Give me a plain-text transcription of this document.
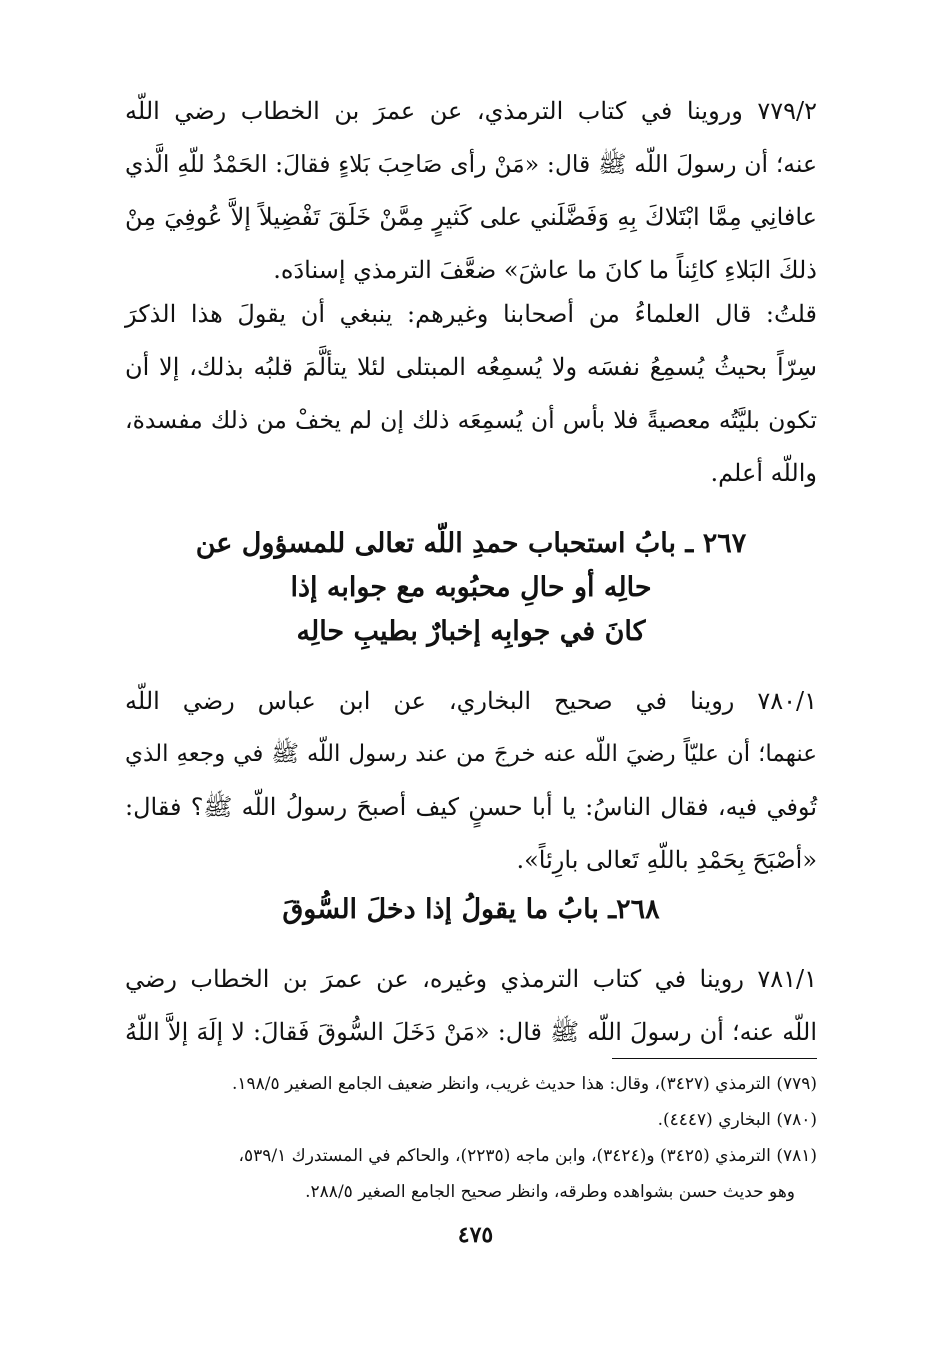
٧٧٩/٢ وروينا في كتاب الترمذي، عن عمرَ بن الخطاب رضي اللّه
عنه؛ أن رسولَ اللّه ﷺ قال: «مَنْ رأى صَاحِبَ بَلاءٍ فقالَ: الحَمْدُ للّهِ الَّذي
عافانِي مِمَّا ابْتَلاكَ بِهِ وَفَضَّلَني على كَثيرٍ مِمَّنْ خَلَقَ تَفْضِيلاً إلاَّ عُوفِيَ مِنْ
ذلكَ البَلاءِ كائِناً ما كانَ ما عاشَ» ضعَّفَ الترمذي إسنادَه.
قلتُ: قال العلماءُ من أصحابنا وغيرهم: ينبغي أن يقولَ هذا الذكرَ
سِرّاً بحيثُ يُسمِعُ نفسَه ولا يُسمِعُه المبتلى لئلا يتألَّمَ قلبُه بذلك، إلا أن
تكون بليَّتُه معصيةً فلا بأس أن يُسمِعَه ذلك إن لم يخفْ من ذلك مفسدة،
واللّه أعلم.
٢٦٧ ـ بابُ استحباب حمدِ اللّه تعالى للمسؤول عن
حالِه أو حالِ محبُوبه مع جوابه إذا
كانَ في جوابِه إخبارٌ بطيبِ حالِه
٧٨٠/١ روينا في صحيح البخاري، عن ابن عباس رضي اللّه
عنهما؛ أن عليّاً رضيَ اللّه عنه خرجَ من عند رسول اللّه ﷺ في وجعهِ الذي
تُوفي فيه، فقال الناسُ: يا أبا حسنٍ كيف أصبحَ رسولُ اللّه ﷺ؟ فقال:
«أصْبَحَ بِحَمْدِ باللّهِ تَعالى بارِئاً».
٢٦٨ـ بابُ ما يقولُ إذا دخلَ السُّوقَ
٧٨١/١ روينا في كتاب الترمذي وغيره، عن عمرَ بن الخطاب رضي
اللّه عنه؛ أن رسولَ اللّه ﷺ قال: «مَنْ دَخَلَ السُّوقَ فَقالَ: لا إلَهَ إلاَّ اللّهُ
(٧٧٩) الترمذي (٣٤٢٧)، وقال: هذا حديث غريب، وانظر ضعيف الجامع الصغير ١٩٨/٥.
(٧٨٠) البخاري (٤٤٤٧).
(٧٨١) الترمذي (٣٤٢٥) و(٣٤٢٤)، وابن ماجه (٢٢٣٥)، والحاكم في المستدرك ٥٣٩/١،
وهو حديث حسن بشواهده وطرقه، وانظر صحيح الجامع الصغير ٢٨٨/٥.
٤٧٥
